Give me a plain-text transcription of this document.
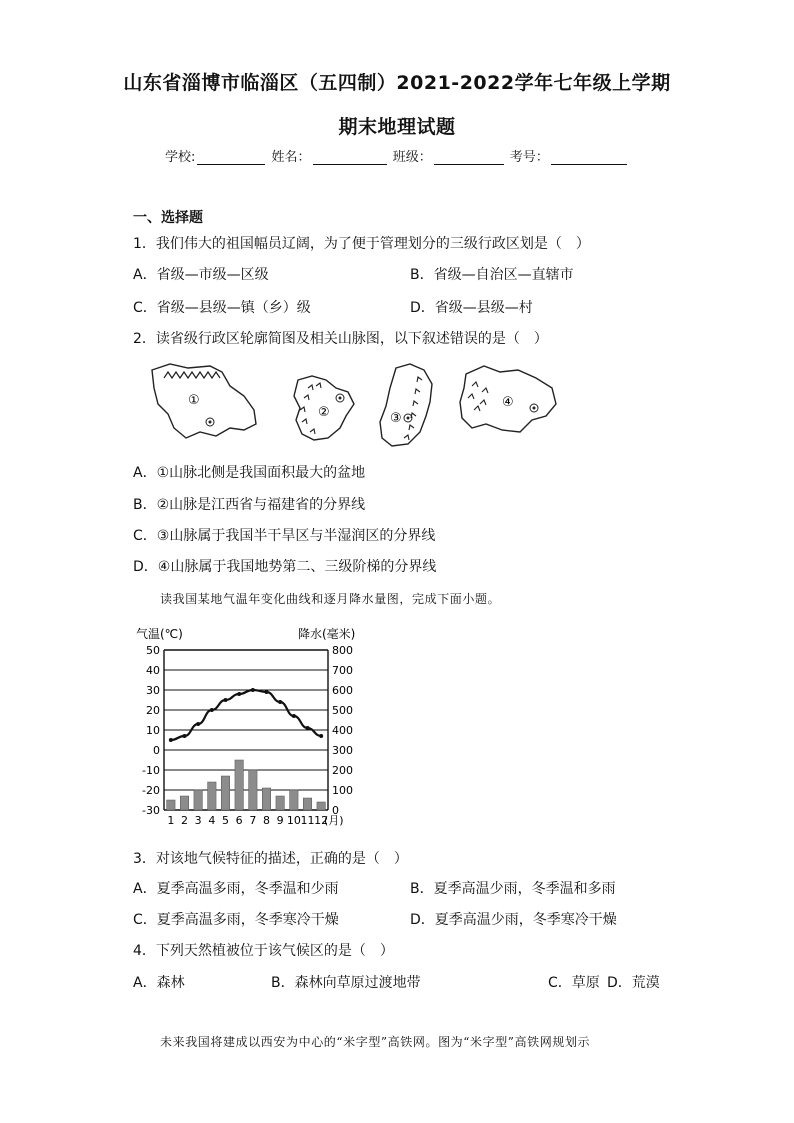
山东省淄博市临淄区（五四制）2021-2022学年七年级上学期
期末地理试题
学校:	姓名：	班级：	考号：
一、选择题
1．我们伟大的祖国幅员辽阔，为了便于管理划分的三级行政区划是（　）
A．省级—市级—区级	B．省级—自治区—直辖市
C．省级—县级—镇（乡）级	D．省级—县级—村
2．读省级行政区轮廓简图及相关山脉图，以下叙述错误的是（　）
①
②	③
④
A．①山脉北侧是我国面积最大的盆地
B．②山脉是江西省与福建省的分界线
C．③山脉属于我国半干旱区与半湿润区的分界线
D．④山脉属于我国地势第二、三级阶梯的分界线
读我国某地气温年变化曲线和逐月降水量图，完成下面小题。
气温(℃)	降水(毫米)
50
40
30
20
10
0
-10
-20
-30
800
700
600
500
400
300
200
100
0
1 2 3 4 5 6 7 8 9 10 11 12
(月)
3．对该地气候特征的描述，正确的是（　）
A．夏季高温多雨，冬季温和少雨	B．夏季高温少雨，冬季温和多雨
C．夏季高温多雨，冬季寒冷干燥	D．夏季高温少雨，冬季寒冷干燥
4．下列天然植被位于该气候区的是（　）
A．森林	B．森林向草原过渡地带	C．草原 D．荒漠
未来我国将建成以西安为中心的“米字型”高铁网。图为“米字型”高铁网规划示
